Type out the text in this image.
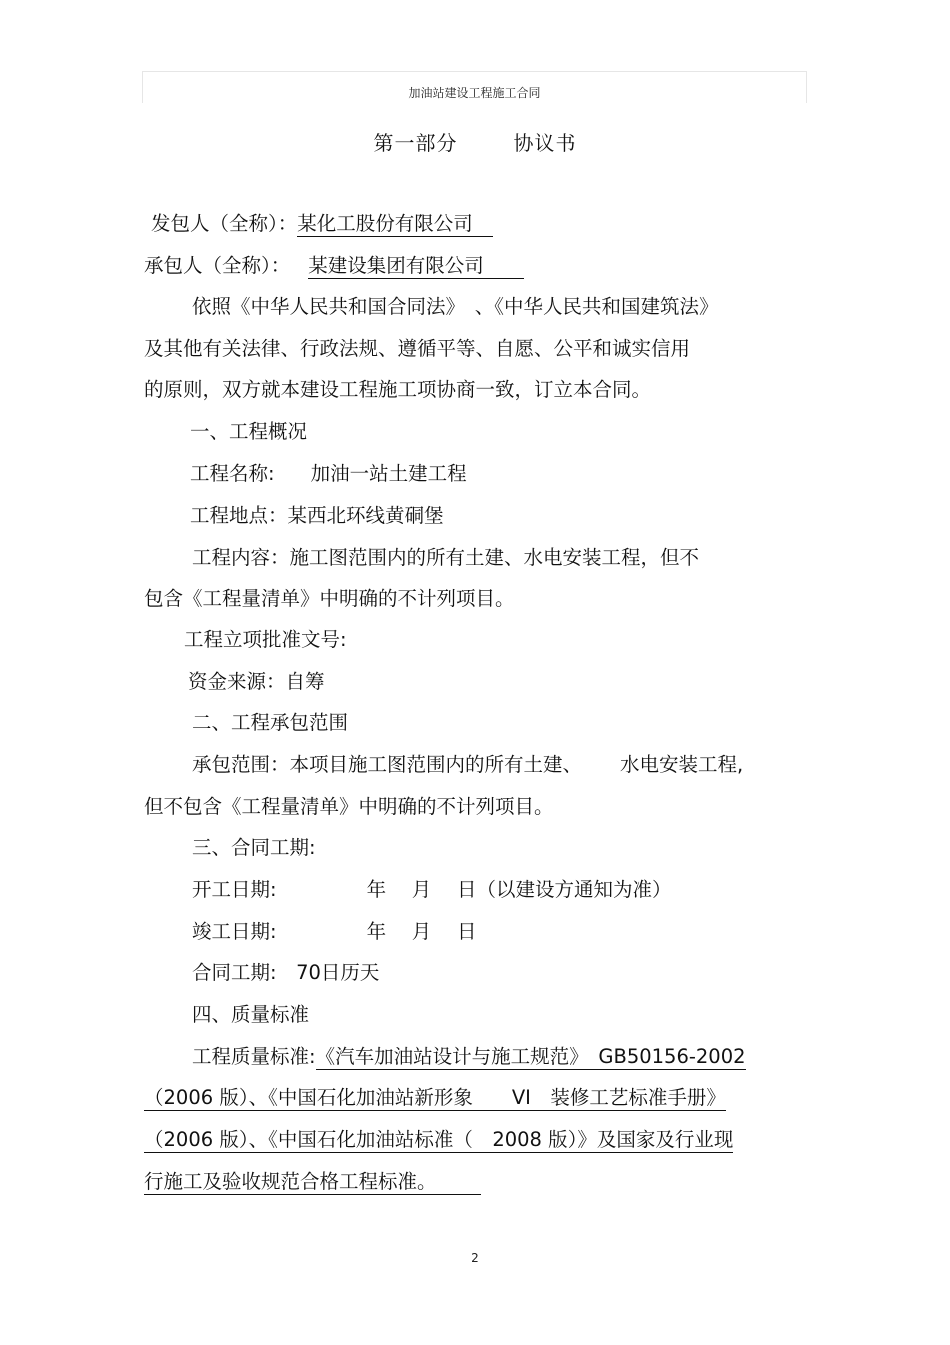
加油站建设工程施工合同
第一部分	协议书
发包人（全称）：某化工股份有限公司
承包人（全称）： 某建设集团有限公司
依照《中华人民共和国合同法》　、《中华人民共和国建筑法》
及其他有关法律、行政法规、遵循平等、自愿、公平和诚实信用
的原则，双方就本建设工程施工项协商一致，订立本合同。
一、工程概况
工程名称: 加油一站土建工程
工程地点：某西北环线黄硐堡
工程内容：施工图范围内的所有土建、水电安装工程，但不
包含《工程量清单》中明确的不计列项目。
工程立项批准文号:
资金来源：自筹
二、工程承包范围
承包范围：本项目施工图范围内的所有土建、 水电安装工程,
但不包含《工程量清单》中明确的不计列项目。
三、合同工期:
开工日期:	年　 月　 日（以建设方通知为准）
竣工日期:	年　 月　 日
合同工期:　70日历天
四、质量标准
工程质量标准:《汽车加油站设计与施工规范》　GB50156-2002
（2006 版）、《中国石化加油站新形象　　VI　装修工艺标准手册》
（2006 版）、《中国石化加油站标准（　2008 版）》及国家及行业现
行施工及验收规范合格工程标准。
2
